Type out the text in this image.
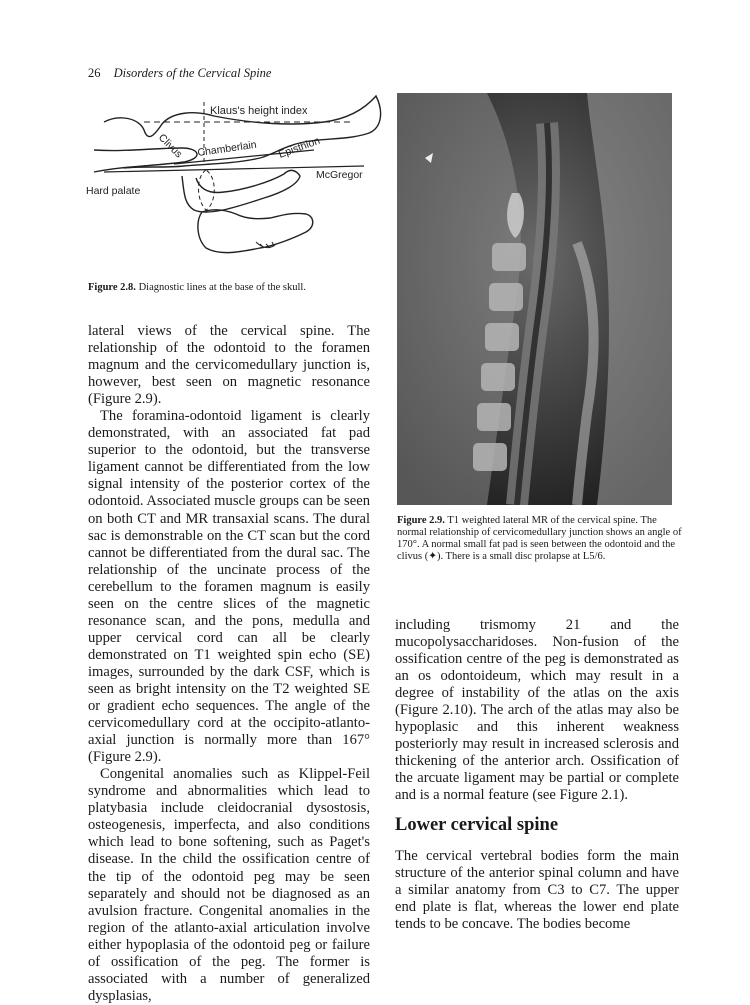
26 Disorders of the Cervical Spine
Klaus's height index
Clivus Chamberlain Episthion
McGregor
Hard palate
Figure 2.8. Diagnostic lines at the base of the skull.
Figure 2.9. T1 weighted lateral MR of the cervical spine. The normal relationship of cervicomedullary junction shows an angle of 170°. A normal small fat pad is seen between the odontoid and the clivus (✦). There is a small disc prolapse at L5/6.

lateral views of the cervical spine. The relationship of the odontoid to the foramen magnum and the cervicomedullary junction is, however, best seen on magnetic resonance (Figure 2.9).

The foramina-odontoid ligament is clearly demonstrated, with an associated fat pad superior to the odontoid, but the transverse ligament cannot be differentiated from the low signal intensity of the posterior cortex of the odontoid. Associated muscle groups can be seen on both CT and MR transaxial scans. The dural sac is demonstrable on the CT scan but the cord cannot be differentiated from the dural sac. The relationship of the uncinate process of the cerebellum to the foramen magnum is easily seen on the centre slices of the magnetic resonance scan, and the pons, medulla and upper cervical cord can all be clearly demonstrated on T1 weighted spin echo (SE) images, surrounded by the dark CSF, which is seen as bright intensity on the T2 weighted SE or gradient echo sequences. The angle of the cervicomedullary cord at the occipito-atlanto-axial junction is normally more than 167° (Figure 2.9).

Congenital anomalies such as Klippel-Feil syndrome and abnormalities which lead to platybasia include cleidocranial dysostosis, osteogenesis, imperfecta, and also conditions which lead to bone softening, such as Paget's disease. In the child the ossification centre of the tip of the odontoid peg may be seen separately and should not be diagnosed as an avulsion fracture. Congenital anomalies in the region of the atlanto-axial articulation involve either hypoplasia of the odontoid peg or failure of ossification of the peg. The former is associated with a number of generalized dysplasias,

including trismomy 21 and the mucopolysaccharidoses. Non-fusion of the ossification centre of the peg is demonstrated as an os odontoideum, which may result in a degree of instability of the atlas on the axis (Figure 2.10). The arch of the atlas may also be hypoplasic and this inherent weakness posteriorly may result in increased sclerosis and thickening of the anterior arch. Ossification of the arcuate ligament may be partial or complete and is a normal feature (see Figure 2.1).

Lower cervical spine

The cervical vertebral bodies form the main structure of the anterior spinal column and have a similar anatomy from C3 to C7. The upper end plate is flat, whereas the lower end plate tends to be concave. The bodies become
